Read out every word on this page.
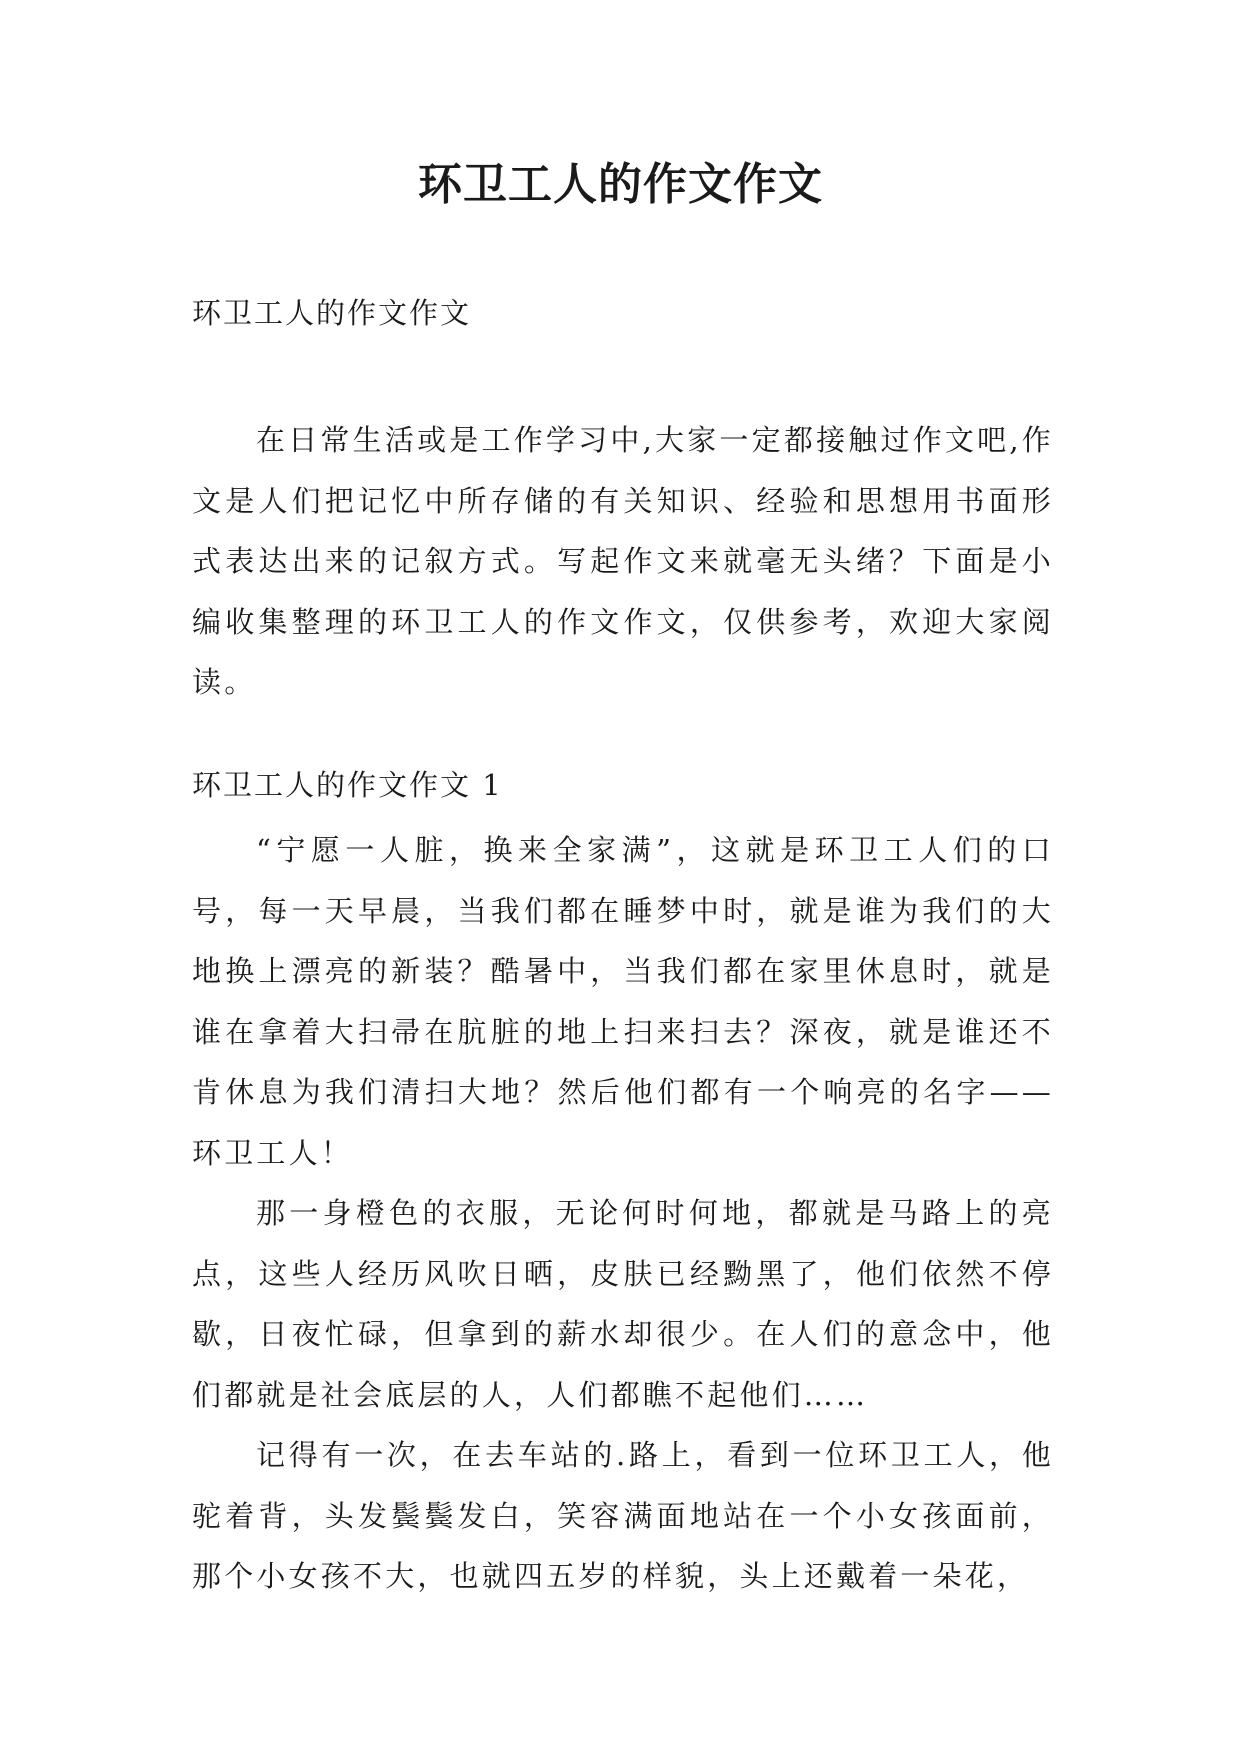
环卫工人的作文作文

环卫工人的作文作文

在日常生活或是工作学习中,大家一定都接触过作文吧,作文是人们把记忆中所存储的有关知识、经验和思想用书面形式表达出来的记叙方式。写起作文来就毫无头绪？下面是小编收集整理的环卫工人的作文作文，仅供参考，欢迎大家阅读。

环卫工人的作文作文 1

“宁愿一人脏，换来全家满”，这就是环卫工人们的口号，每一天早晨，当我们都在睡梦中时，就是谁为我们的大地换上漂亮的新装？酷暑中，当我们都在家里休息时，就是谁在拿着大扫帚在肮脏的地上扫来扫去？深夜，就是谁还不肯休息为我们清扫大地？然后他们都有一个响亮的名字——环卫工人！

那一身橙色的衣服，无论何时何地，都就是马路上的亮点，这些人经历风吹日晒，皮肤已经黝黑了，他们依然不停歇，日夜忙碌，但拿到的薪水却很少。在人们的意念中，他们都就是社会底层的人，人们都瞧不起他们……

记得有一次，在去车站的.路上，看到一位环卫工人，他驼着背，头发鬓鬓发白，笑容满面地站在一个小女孩面前，那个小女孩不大，也就四五岁的样貌，头上还戴着一朵花，
